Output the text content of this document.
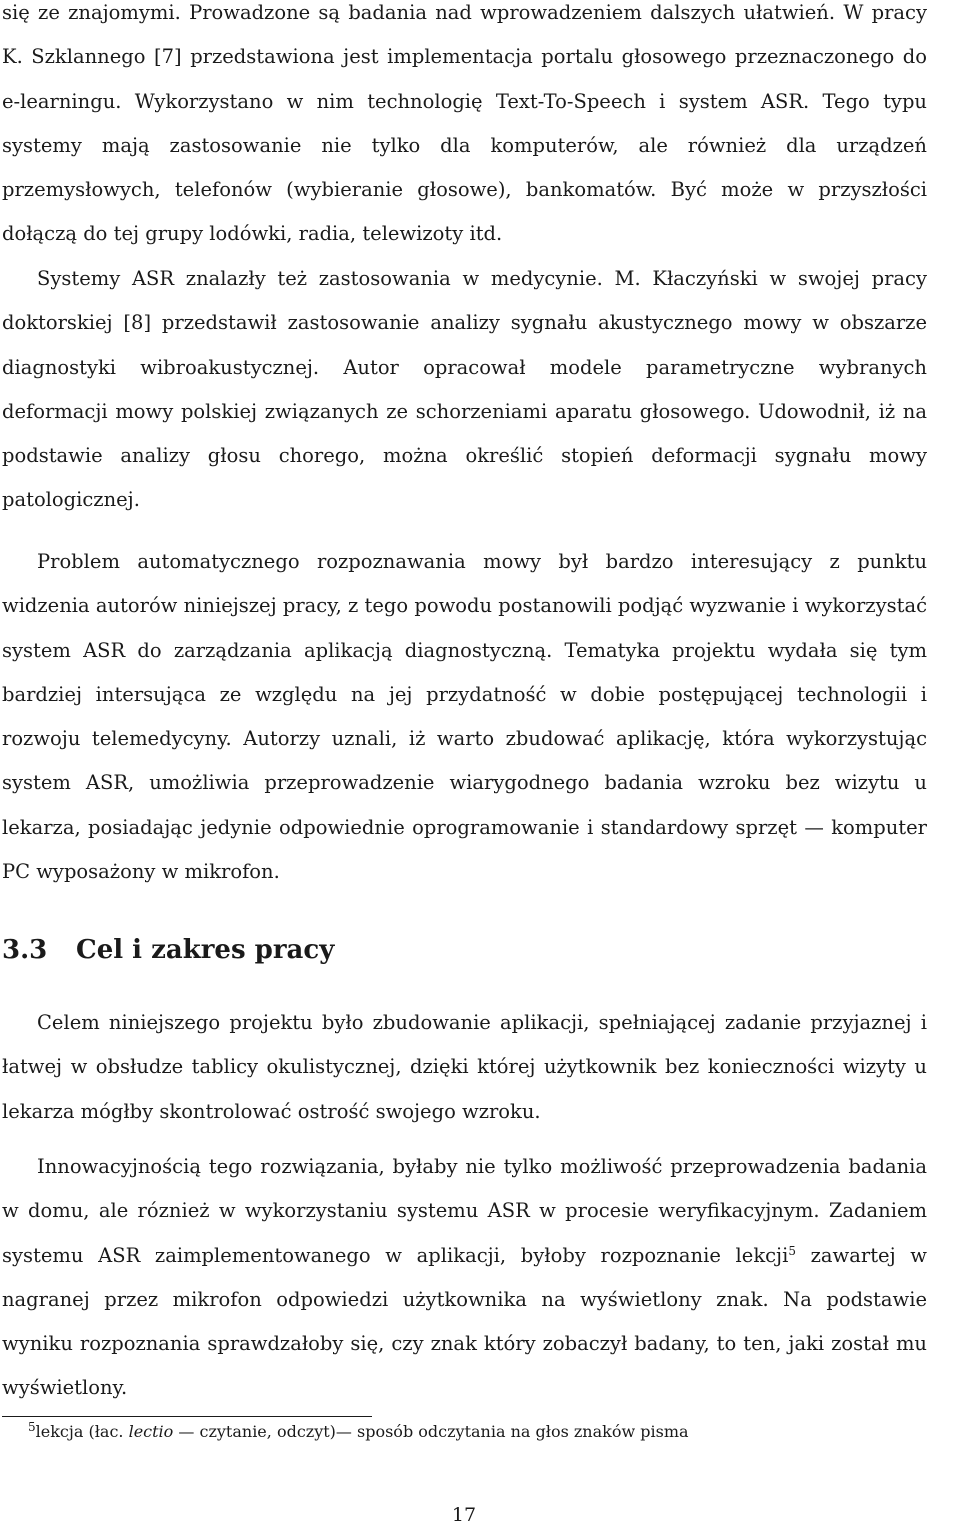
się ze znajomymi. Prowadzone są badania nad wprowadzeniem dalszych ułatwień. W pracy K. Szklannego [7] przedstawiona jest implementacja portalu głosowego przeznaczonego do e-learningu. Wykorzystano w nim technologię Text-To-Speech i system ASR. Tego typu systemy mają zastosowanie nie tylko dla komputerów, ale również dla urządzeń przemysłowych, telefonów (wybieranie głosowe), bankomatów. Być może w przyszłości dołączą do tej grupy lodówki, radia, telewizoty itd.

Systemy ASR znalazły też zastosowania w medycynie. M. Kłaczyński w swojej pracy doktorskiej [8] przedstawił zastosowanie analizy sygnału akustycznego mowy w obszarze diagnostyki wibroakustycznej. Autor opracował modele parametryczne wybranych deformacji mowy polskiej związanych ze schorzeniami aparatu głosowego. Udowodnił, iż na podstawie analizy głosu chorego, można określić stopień deformacji sygnału mowy patologicznej.

Problem automatycznego rozpoznawania mowy był bardzo interesujący z punktu widzenia autorów niniejszej pracy, z tego powodu postanowili podjąć wyzwanie i wykorzystać system ASR do zarządzania aplikacją diagnostyczną. Tematyka projektu wydała się tym bardziej intersująca ze względu na jej przydatność w dobie postępującej technologii i rozwoju telemedycyny. Autorzy uznali, iż warto zbudować aplikację, która wykorzystując system ASR, umożliwia przeprowadzenie wiarygodnego badania wzroku bez wizytu u lekarza, posiadając jedynie odpowiednie oprogramowanie i standardowy sprzęt — komputer PC wyposażony w mikrofon.

3.3 Cel i zakres pracy

Celem niniejszego projektu było zbudowanie aplikacji, spełniającej zadanie przyjaznej i łatwej w obsłudze tablicy okulistycznej, dzięki której użytkownik bez konieczności wizyty u lekarza mógłby skontrolować ostrość swojego wzroku.

Innowacyjnością tego rozwiązania, byłaby nie tylko możliwość przeprowadzenia badania w domu, ale róznież w wykorzystaniu systemu ASR w procesie weryfikacyjnym. Zadaniem systemu ASR zaimplementowanego w aplikacji, byłoby rozpoznanie lekcji$^5$ zawartej w nagranej przez mikrofon odpowiedzi użytkownika na wyświetlony znak. Na podstawie wyniku rozpoznania sprawdzałoby się, czy znak który zobaczył badany, to ten, jaki został mu wyświetlony.

$^5$lekcja (łac. lectio — czytanie, odczyt)— sposób odczytania na głos znaków pisma

17
